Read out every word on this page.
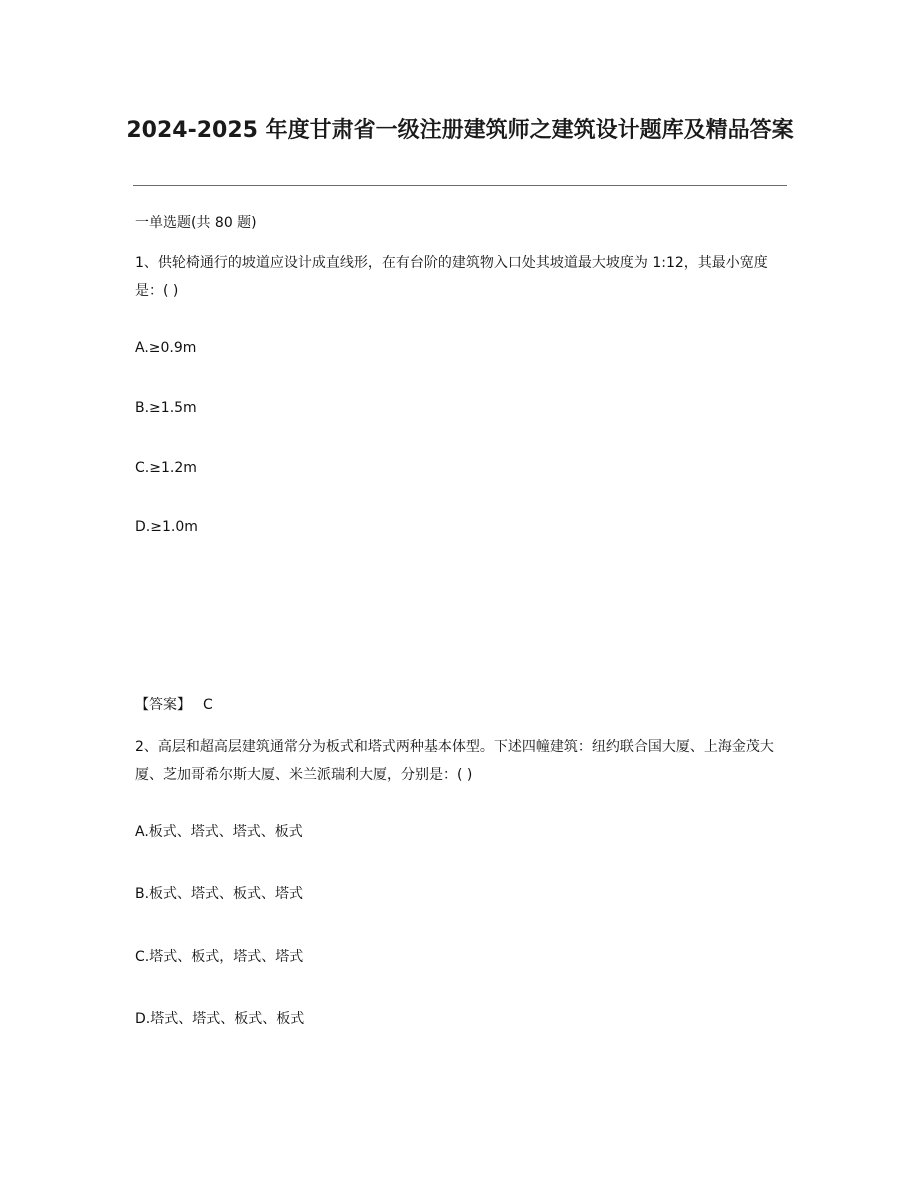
2024-2025 年度甘肃省一级注册建筑师之建筑设计题库及精品答案
一单选题(共 80 题)
1、供轮椅通行的坡道应设计成直线形，在有台阶的建筑物入口处其坡道最大坡度为 1:12，其最小宽度是：( )
A.≥0.9m
B.≥1.5m
C.≥1.2m
D.≥1.0m
【答案】 C
2、高层和超高层建筑通常分为板式和塔式两种基本体型。下述四幢建筑：纽约联合国大厦、上海金茂大厦、芝加哥希尔斯大厦、米兰派瑞利大厦，分别是：( )
A.板式、塔式、塔式、板式
B.板式、塔式、板式、塔式
C.塔式、板式，塔式、塔式
D.塔式、塔式、板式、板式
